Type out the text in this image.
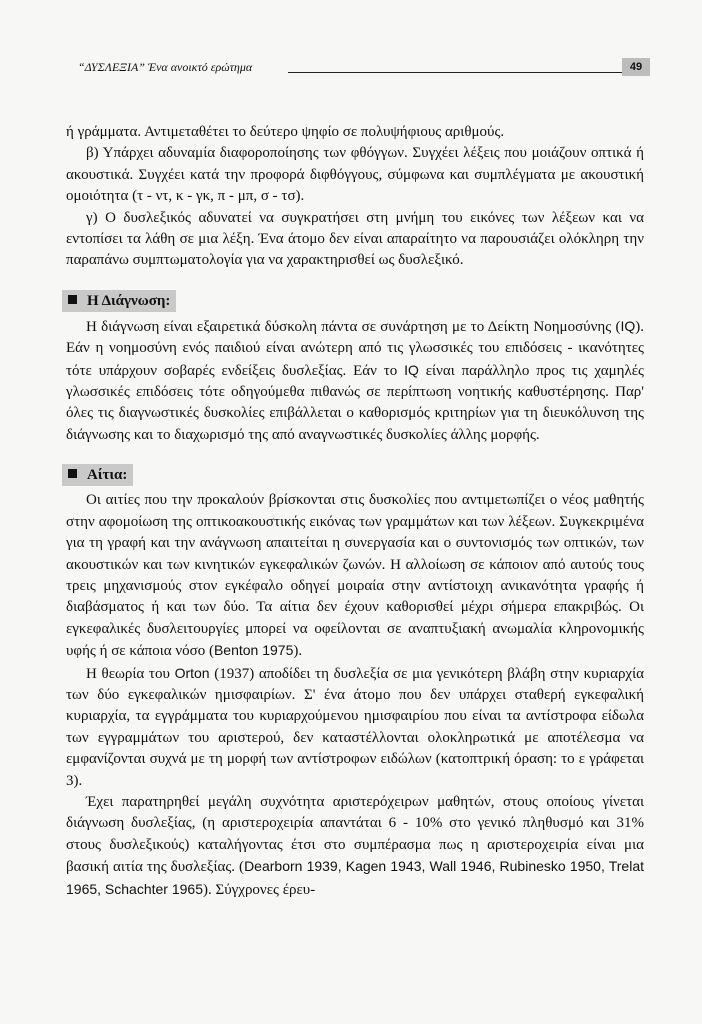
“ΔΥΣΛΕΞΙΑ” Ένα ανοικτό ερώτημα	49

ή γράμματα. Αντιμεταθέτει το δεύτερο ψηφίο σε πολυψήφιους αριθμούς.

β) Υπάρχει αδυναμία διαφοροποίησης των φθόγγων. Συγχέει λέξεις που μοιάζουν οπτικά ή ακουστικά. Συγχέει κατά την προφορά διφθόγγους, σύμφωνα και συμπλέγματα με ακουστική ομοιότητα (τ - ντ, κ - γκ, π - μπ, σ - τσ).

γ) Ο δυσλεξικός αδυνατεί να συγκρατήσει στη μνήμη του εικόνες των λέξεων και να εντοπίσει τα λάθη σε μια λέξη. Ένα άτομο δεν είναι απαραίτητο να παρουσιάζει ολόκληρη την παραπάνω συμπτωματολογία για να χαρακτηρισθεί ως δυσλεξικό.

Η Διάγνωση:

Η διάγνωση είναι εξαιρετικά δύσκολη πάντα σε συνάρτηση με το Δείκτη Νοημοσύνης (IQ). Εάν η νοημοσύνη ενός παιδιού είναι ανώτερη από τις γλωσσικές του επιδόσεις - ικανότητες τότε υπάρχουν σοβαρές ενδείξεις δυσλεξίας. Εάν το IQ είναι παράλληλο προς τις χαμηλές γλωσσικές επιδόσεις τότε οδηγούμεθα πιθανώς σε περίπτωση νοητικής καθυστέρησης. Παρ' όλες τις διαγνωστικές δυσκολίες επιβάλλεται ο καθορισμός κριτηρίων για τη διευκόλυνση της διάγνωσης και το διαχωρισμό της από αναγνωστικές δυσκολίες άλλης μορφής.

Αίτια:

Οι αιτίες που την προκαλούν βρίσκονται στις δυσκολίες που αντιμετωπίζει ο νέος μαθητής στην αφομοίωση της οπτικοακουστικής εικόνας των γραμμάτων και των λέξεων. Συγκεκριμένα για τη γραφή και την ανάγνωση απαιτείται η συνεργασία και ο συντονισμός των οπτικών, των ακουστικών και των κινητικών εγκεφαλικών ζωνών. Η αλλοίωση σε κάποιον από αυτούς τους τρεις μηχανισμούς στον εγκέφαλο οδηγεί μοιραία στην αντίστοιχη ανικανότητα γραφής ή διαβάσματος ή και των δύο. Τα αίτια δεν έχουν καθορισθεί μέχρι σήμερα επακριβώς. Οι εγκεφαλικές δυσλειτουργίες μπορεί να οφείλονται σε αναπτυξιακή ανωμαλία κληρονομικής υφής ή σε κάποια νόσο (Benton 1975).

Η θεωρία του Orton (1937) αποδίδει τη δυσλεξία σε μια γενικότερη βλάβη στην κυριαρχία των δύο εγκεφαλικών ημισφαιρίων. Σ' ένα άτομο που δεν υπάρχει σταθερή εγκεφαλική κυριαρχία, τα εγγράμματα του κυριαρχούμενου ημισφαιρίου που είναι τα αντίστροφα είδωλα των εγγραμμάτων του αριστερού, δεν καταστέλλονται ολοκληρωτικά με αποτέλεσμα να εμφανίζονται συχνά με τη μορφή των αντίστροφων ειδώλων (κατοπτρική όραση: το ε γράφεται 3).

Έχει παρατηρηθεί μεγάλη συχνότητα αριστερόχειρων μαθητών, στους οποίους γίνεται διάγνωση δυσλεξίας, (η αριστεροχειρία απαντάται 6 - 10% στο γενικό πληθυσμό και 31% στους δυσλεξικούς) καταλήγοντας έτσι στο συμπέρασμα πως η αριστεροχειρία είναι μια βασική αιτία της δυσλεξίας. (Dearborn 1939, Kagen 1943, Wall 1946, Rubinesko 1950, Trelat 1965, Schachter 1965). Σύγχρονες έρευ-
